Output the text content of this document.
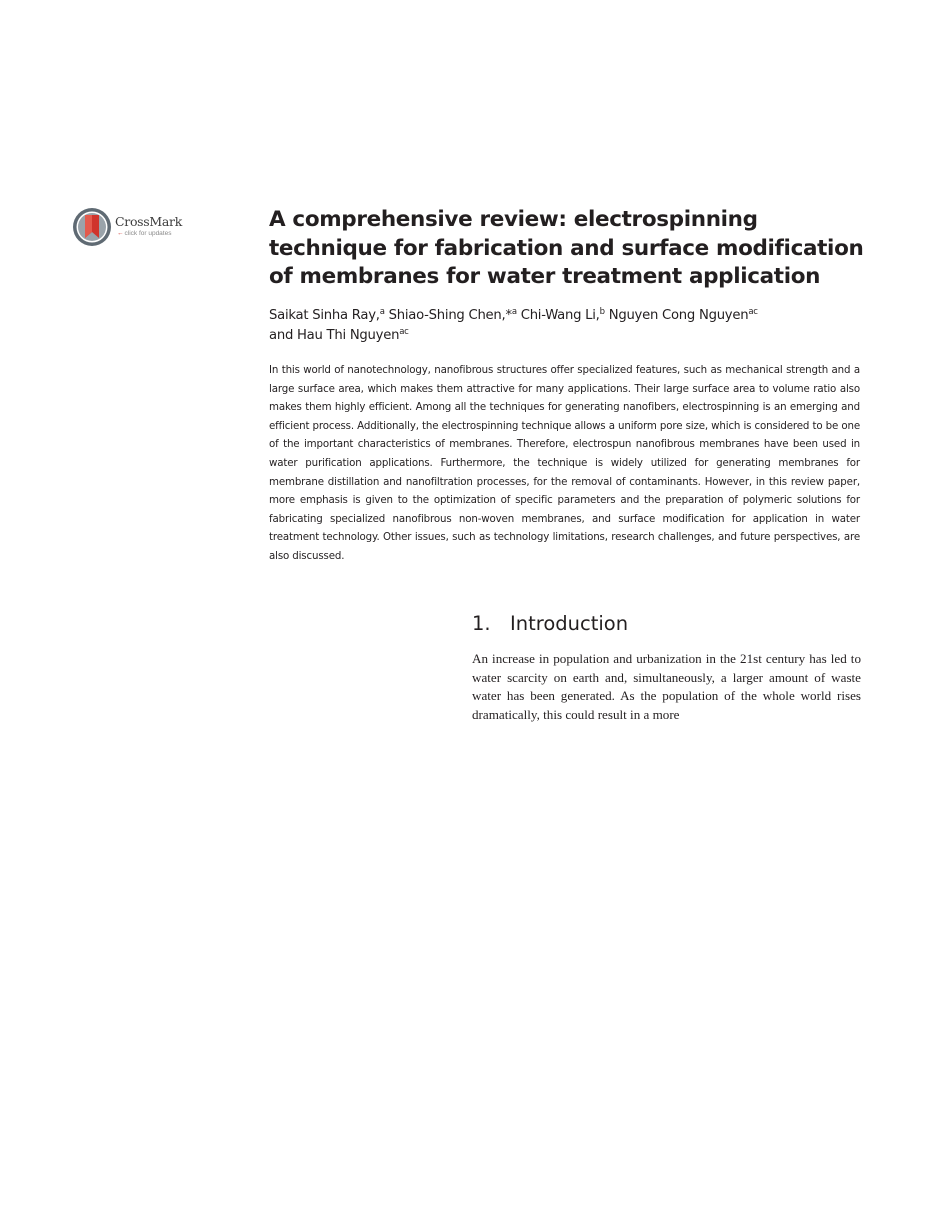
CrossMark
←click for updates
A comprehensive review: electrospinning
technique for fabrication and surface modification
of membranes for water treatment application
Saikat Sinha Ray,$^a$ Shiao-Shing Chen,*$^a$ Chi-Wang Li,$^b$ Nguyen Cong Nguyen$^{ac}$
and Hau Thi Nguyen$^{ac}$

In this world of nanotechnology, nanofibrous structures offer specialized features, such as mechanical strength and a large surface area, which makes them attractive for many applications. Their large surface area to volume ratio also makes them highly efficient. Among all the techniques for generating nanofibers, electrospinning is an emerging and efficient process. Additionally, the electrospinning technique allows a uniform pore size, which is considered to be one of the important characteristics of membranes. Therefore, electrospun nanofibrous membranes have been used in water purification applications. Furthermore, the technique is widely utilized for generating membranes for membrane distillation and nanofiltration processes, for the removal of contaminants. However, in this review paper, more emphasis is given to the optimization of specific parameters and the preparation of polymeric solutions for fabricating specialized nanofibrous non-woven membranes, and surface modification for application in water treatment technology. Other issues, such as technology limitations, research challenges, and future perspectives, are also discussed.

1. Introduction

An increase in population and urbanization in the 21st century has led to water scarcity on earth and, simultaneously, a larger amount of waste water has been generated. As the population of the whole world rises dramatically, this could result in a more
